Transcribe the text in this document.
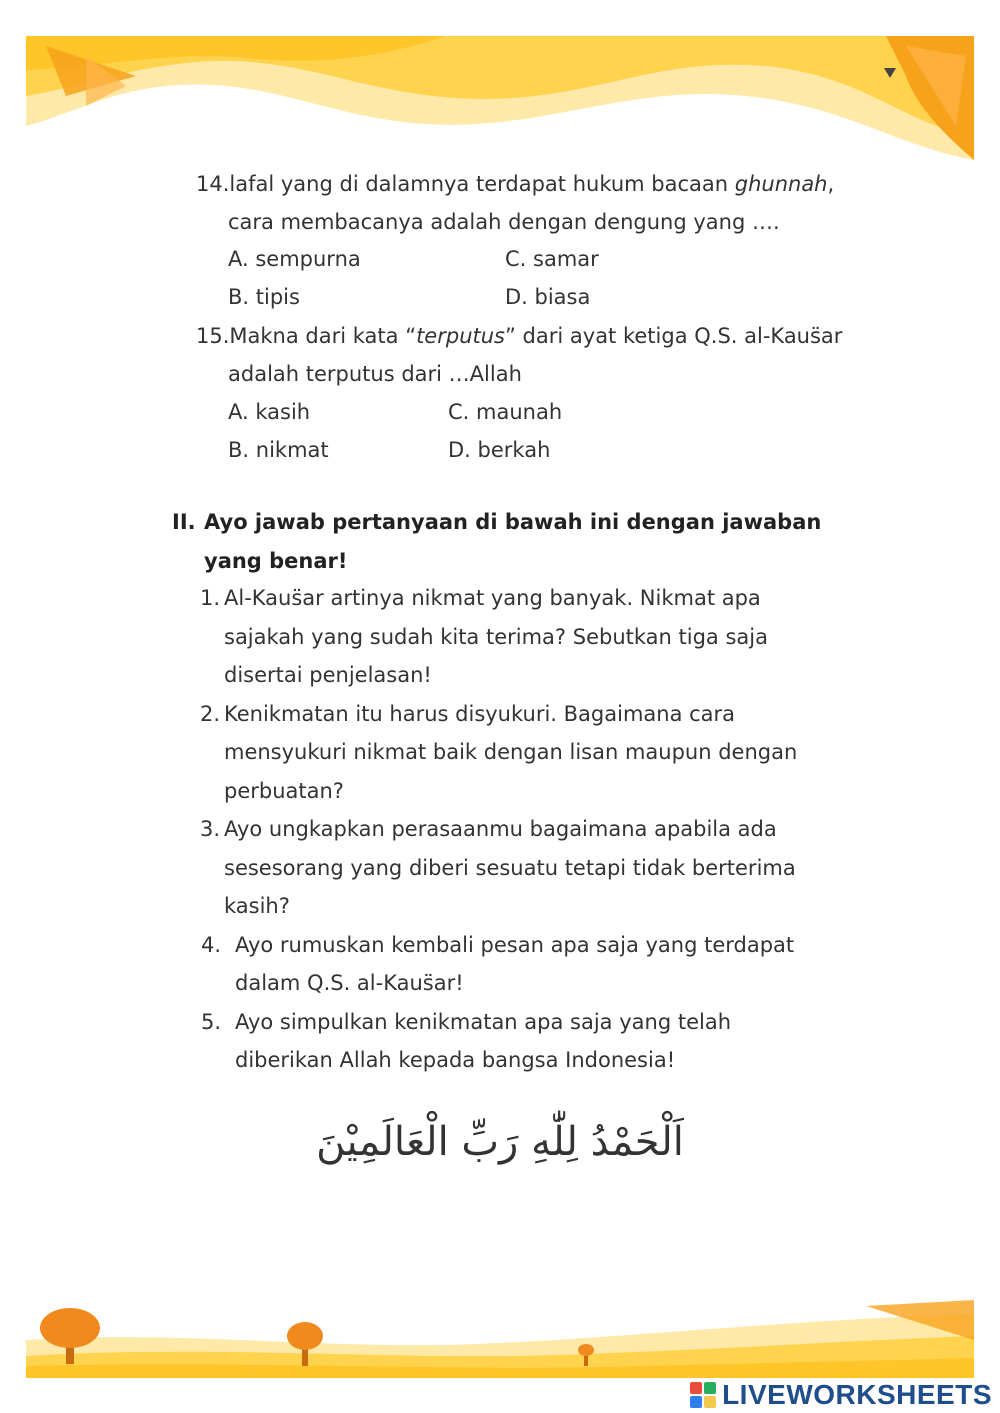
14.lafal yang di dalamnya terdapat hukum bacaan ghunnah,
cara membacanya adalah dengan dengung yang ….
A. sempurna	C. samar
B. tipis	D. biasa
15.Makna dari kata “terputus” dari ayat ketiga Q.S. al-Kaus̈ar
adalah terputus dari …Allah
A. kasih	C. maunah
B. nikmat	D. berkah
II. Ayo jawab pertanyaan di bawah ini dengan jawaban
yang benar!
1. Al-Kaus̈ar artinya nikmat yang banyak. Nikmat apa
sajakah yang sudah kita terima? Sebutkan tiga saja
disertai penjelasan!
2. Kenikmatan itu harus disyukuri. Bagaimana cara
mensyukuri nikmat baik dengan lisan maupun dengan
perbuatan?
3. Ayo ungkapkan perasaanmu bagaimana apabila ada
sesesorang yang diberi sesuatu tetapi tidak berterima
kasih?
4. Ayo rumuskan kembali pesan apa saja yang terdapat
dalam Q.S. al-Kaus̈ar!
5. Ayo simpulkan kenikmatan apa saja yang telah
diberikan Allah kepada bangsa Indonesia!
اَلْحَمْدُ لِلّٰهِ رَبِّ الْعَالَمِيْنَ
LIVEWORKSHEETS
